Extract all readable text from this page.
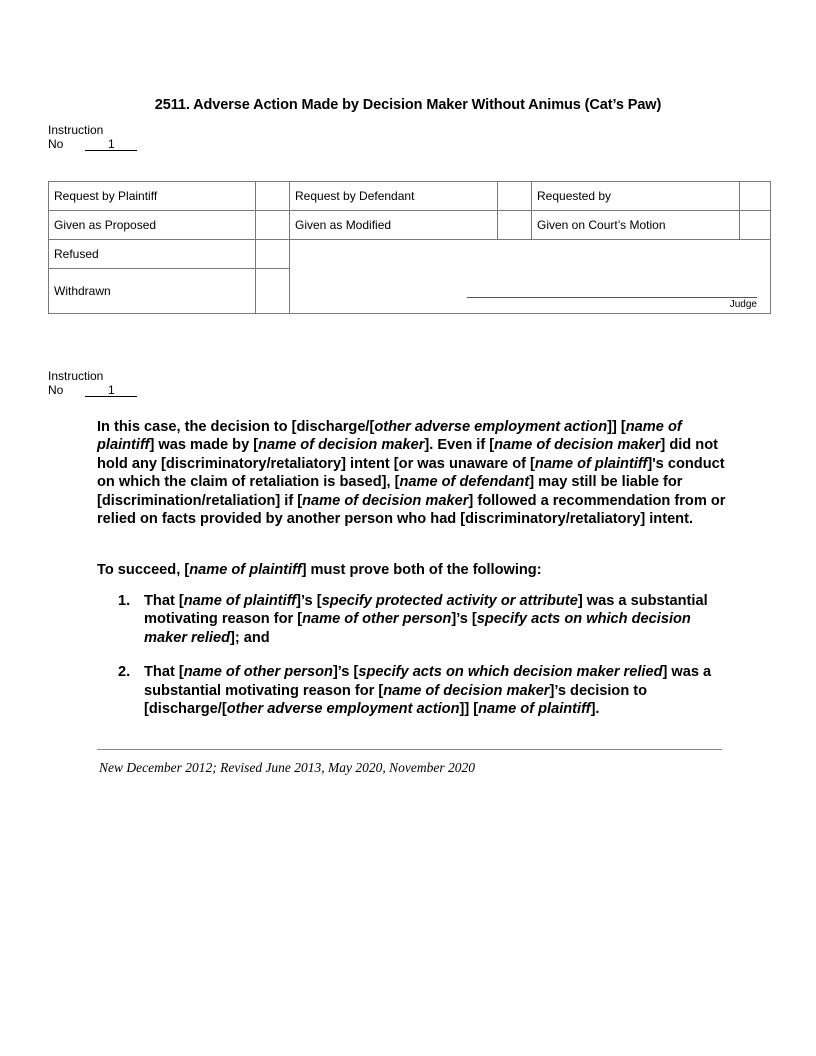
2511. Adverse Action Made by Decision Maker Without Animus (Cat’s Paw)
Instruction
No	1
Request by Plaintiff		Request by Defendant		Requested by	
Given as Proposed		Given as Modified		Given on Court’s Motion	
Refused		Judge			

Withdrawn					
Instruction
No	1

In this case, the decision to [discharge/[other adverse employment action]] [name of plaintiff] was made by [name of decision maker]. Even if [name of decision maker] did not hold any [discriminatory/retaliatory] intent [or was unaware of [name of plaintiff]'s conduct on which the claim of retaliation is based], [name of defendant] may still be liable for [discrimination/retaliation] if [name of decision maker] followed a recommendation from or relied on facts provided by another person who had [discriminatory/retaliatory] intent.

To succeed, [name of plaintiff] must prove both of the following:

1. That [name of plaintiff]’s [specify protected activity or attribute] was a substantial motivating reason for [name of other person]’s [specify acts on which decision maker relied]; and
2. That [name of other person]’s [specify acts on which decision maker relied] was a substantial motivating reason for [name of decision maker]’s decision to [discharge/[other adverse employment action]] [name of plaintiff].
New December 2012; Revised June 2013, May 2020, November 2020
